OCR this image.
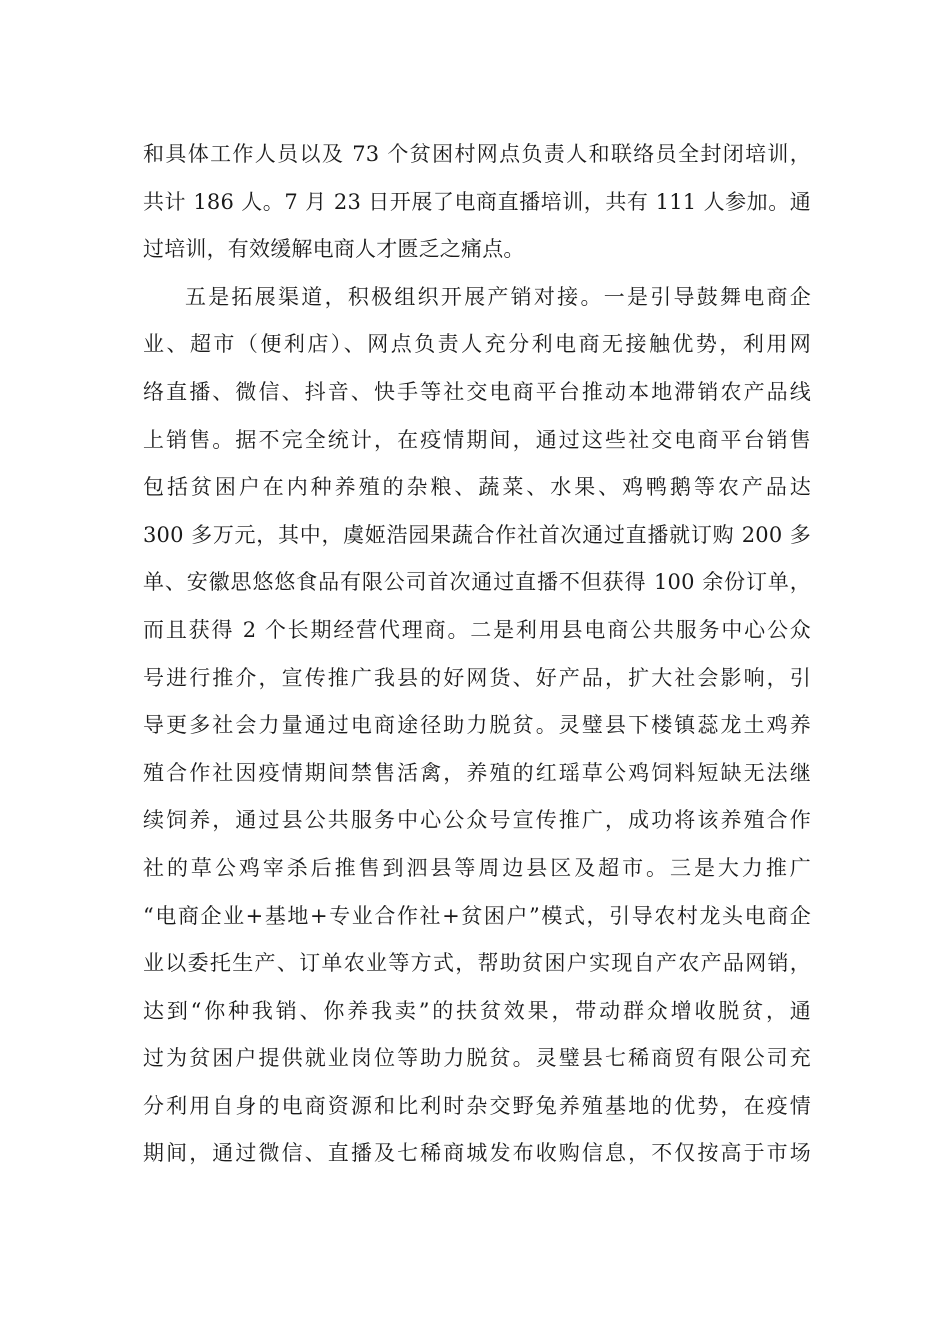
和具体工作人员以及 73 个贫困村网点负责人和联络员全封闭培训，
共计 186 人。7 月 23 日开展了电商直播培训，共有 111 人参加。通
过培训，有效缓解电商人才匮乏之痛点。
五是拓展渠道，积极组织开展产销对接。一是引导鼓舞电商企
业、超市（便利店）、网点负责人充分利电商无接触优势，利用网
络直播、微信、抖音、快手等社交电商平台推动本地滞销农产品线
上销售。据不完全统计，在疫情期间，通过这些社交电商平台销售
包括贫困户在内种养殖的杂粮、蔬菜、水果、鸡鸭鹅等农产品达
300 多万元，其中，虞姬浩园果蔬合作社首次通过直播就订购 200 多
单、安徽思悠悠食品有限公司首次通过直播不但获得 100 余份订单，
而且获得 2 个长期经营代理商。二是利用县电商公共服务中心公众
号进行推介，宣传推广我县的好网货、好产品，扩大社会影响，引
导更多社会力量通过电商途径助力脱贫。灵璧县下楼镇蕊龙土鸡养
殖合作社因疫情期间禁售活禽，养殖的红瑶草公鸡饲料短缺无法继
续饲养，通过县公共服务中心公众号宣传推广，成功将该养殖合作
社的草公鸡宰杀后推售到泗县等周边县区及超市。三是大力推广
“电商企业+基地+专业合作社+贫困户”模式，引导农村龙头电商企
业以委托生产、订单农业等方式，帮助贫困户实现自产农产品网销，
达到“你种我销、你养我卖”的扶贫效果，带动群众增收脱贫，通
过为贫困户提供就业岗位等助力脱贫。灵璧县七稀商贸有限公司充
分利用自身的电商资源和比利时杂交野兔养殖基地的优势，在疫情
期间，通过微信、直播及七稀商城发布收购信息，不仅按高于市场
